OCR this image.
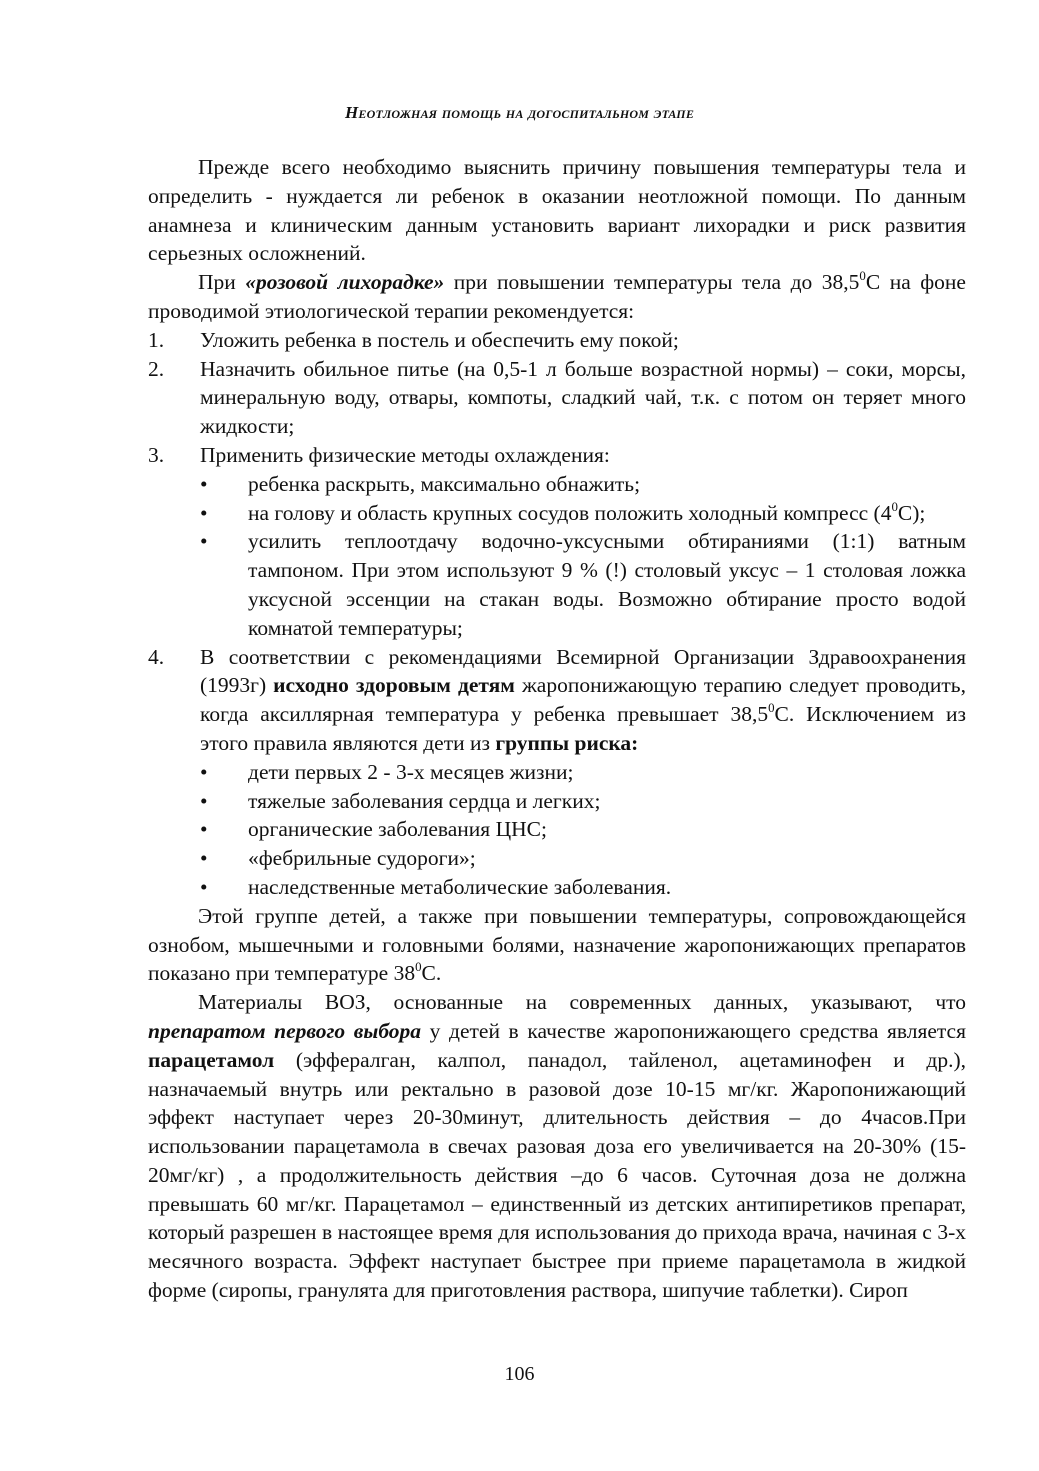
Неотложная помощь на догоспитальном этапе

Прежде всего необходимо выяснить причину повышения температуры тела и определить - нуждается ли ребенок в оказании неотложной помощи. По данным анамнеза и клиническим данным установить вариант лихорадки и риск развития серьезных осложнений.

При «розовой лихорадке» при повышении температуры тела до 38,5$^0$С на фоне проводимой этиологической терапии рекомендуется:

1. Уложить ребенка в постель и обеспечить ему покой;
2. Назначить обильное питье (на 0,5-1 л больше возрастной нормы) – соки, морсы, минеральную воду, отвары, компоты, сладкий чай, т.к. с потом он теряет много жидкости;
3. Применить физические методы охлаждения:
• ребенка раскрыть, максимально обнажить;
• на голову и область крупных сосудов положить холодный компресс $(4^0С)$;
• усилить теплоотдачу водочно-уксусными обтираниями (1:1) ватным тампоном. При этом используют 9 % (!) столовый уксус – 1 столовая ложка уксусной эссенции на стакан воды. Возможно обтирание просто водой комнатой температуры;
4. В соответствии с рекомендациями Всемирной Организации Здравоохранения (1993г) исходно здоровым детям жаропонижающую терапию следует проводить, когда аксиллярная температура у ребенка превышает 38,5$^0$С. Исключением из этого правила являются дети из группы риска:
• дети первых 2 - 3-х месяцев жизни;
• тяжелые заболевания сердца и легких;
• органические заболевания ЦНС;
• «фебрильные судороги»;
• наследственные метаболические заболевания.

Этой группе детей, а также при повышении температуры, сопровождающейся ознобом, мышечными и головными болями, назначение жаропонижающих препаратов показано при температуре $38^0С$.

Материалы ВОЗ, основанные на современных данных, указывают, что препаратом первого выбора у детей в качестве жаропонижающего средства является парацетамол (эффералган, калпол, панадол, тайленол, ацетаминофен и др.), назначаемый внутрь или ректально в разовой дозе 10-15 мг/кг. Жаропонижающий эффект наступает через 20-30минут, длительность действия – до 4часов.При использовании парацетамола в свечах разовая доза его увеличивается на 20-30% (15-20мг/кг) , а продолжительность действия –до 6 часов. Суточная доза не должна превышать 60 мг/кг. Парацетамол – единственный из детских антипиретиков препарат, который разрешен в настоящее время для использования до прихода врача, начиная с 3-х месячного возраста. Эффект наступает быстрее при приеме парацетамола в жидкой форме (сиропы, гранулята для приготовления раствора, шипучие таблетки). Сироп

106
